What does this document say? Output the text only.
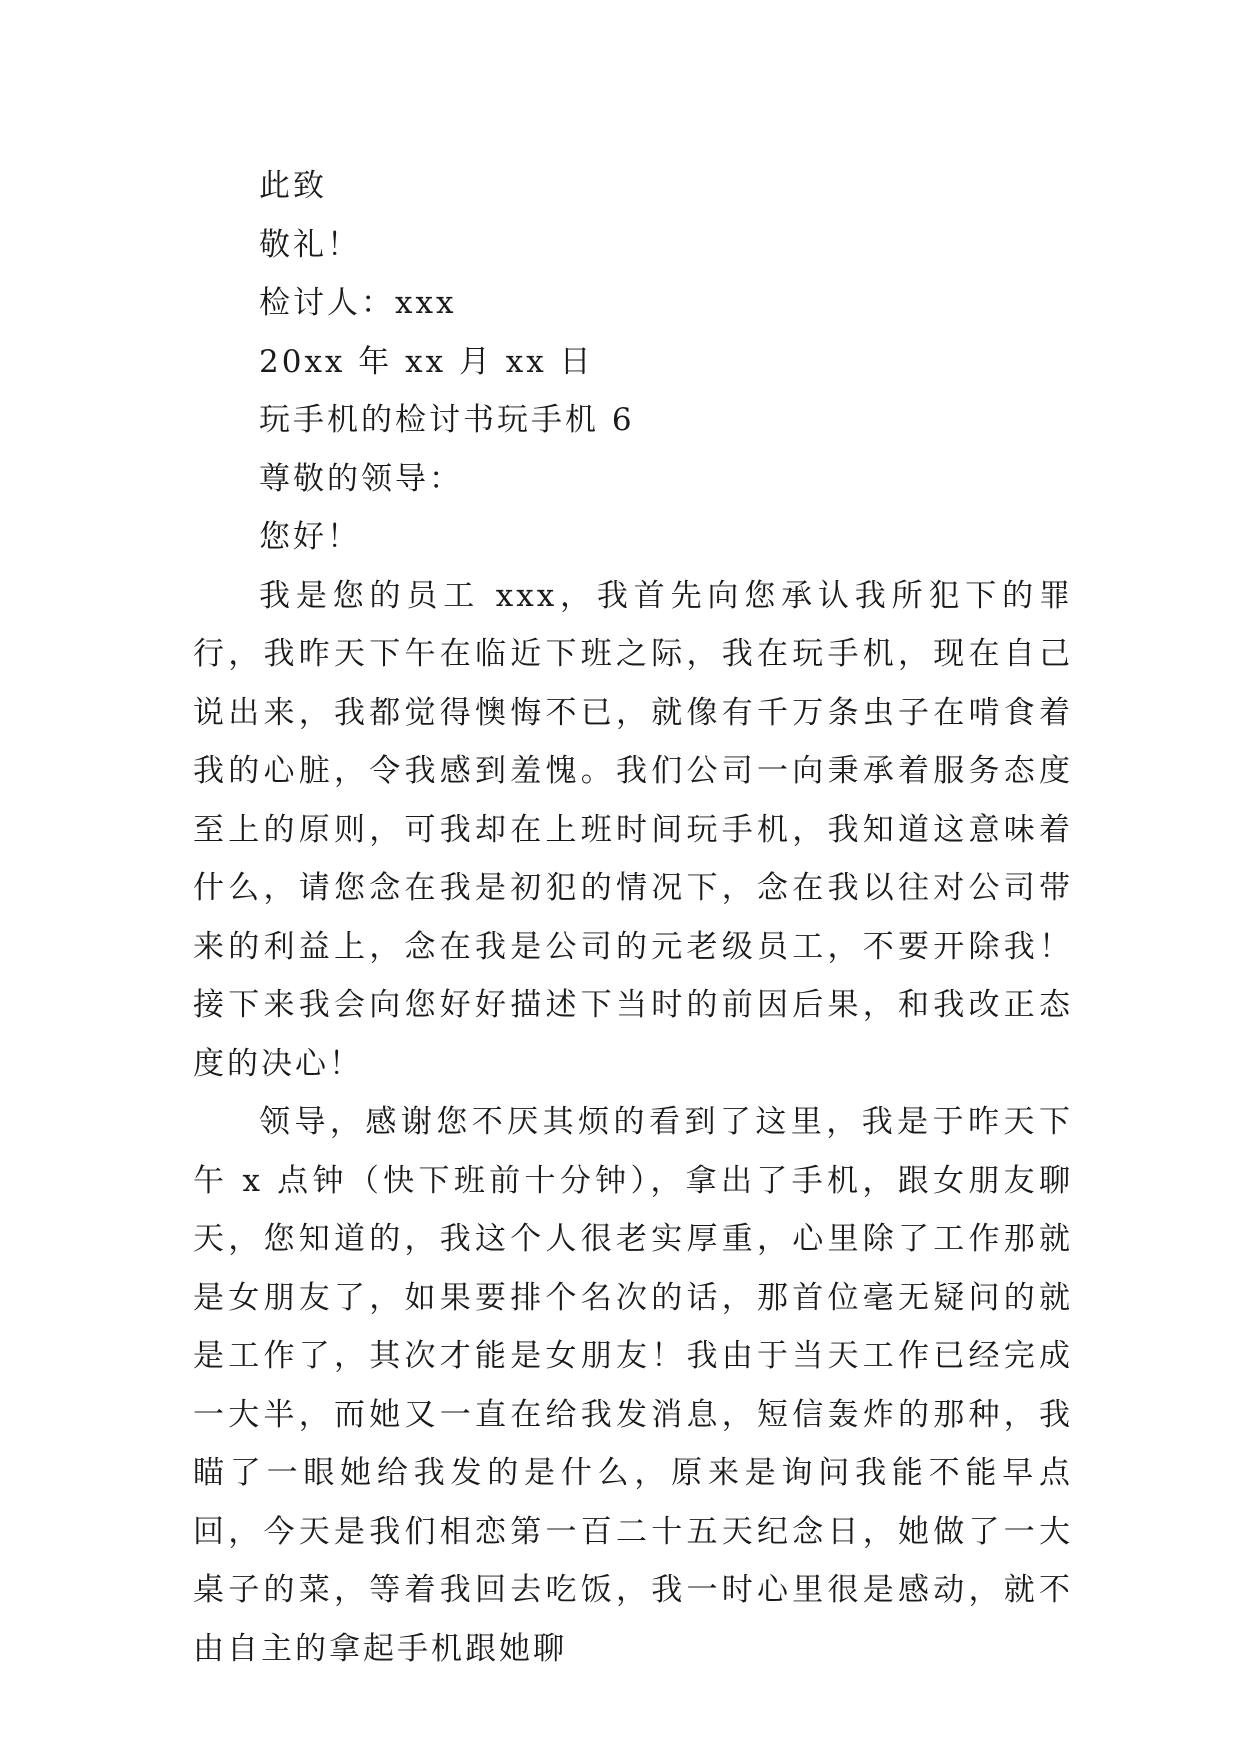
此致

敬礼！

检讨人：xxx

20xx 年 xx 月 xx 日

玩手机的检讨书玩手机 6

尊敬的领导：

您好！

我是您的员工 xxx，我首先向您承认我所犯下的罪行，我昨天下午在临近下班之际，我在玩手机，现在自己说出来，我都觉得懊悔不已，就像有千万条虫子在啃食着我的心脏，令我感到羞愧。我们公司一向秉承着服务态度至上的原则，可我却在上班时间玩手机，我知道这意味着什么，请您念在我是初犯的情况下，念在我以往对公司带来的利益上，念在我是公司的元老级员工，不要开除我！接下来我会向您好好描述下当时的前因后果，和我改正态度的决心！

领导，感谢您不厌其烦的看到了这里，我是于昨天下午 x 点钟（快下班前十分钟），拿出了手机，跟女朋友聊天，您知道的，我这个人很老实厚重，心里除了工作那就是女朋友了，如果要排个名次的话，那首位毫无疑问的就是工作了，其次才能是女朋友！我由于当天工作已经完成一大半，而她又一直在给我发消息，短信轰炸的那种，我瞄了一眼她给我发的是什么，原来是询问我能不能早点回，今天是我们相恋第一百二十五天纪念日，她做了一大桌子的菜，等着我回去吃饭，我一时心里很是感动，就不由自主的拿起手机跟她聊
